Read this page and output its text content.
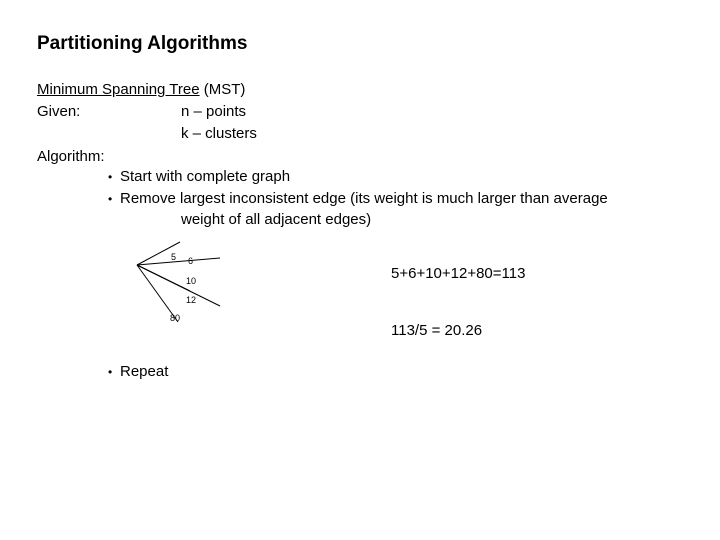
Partitioning Algorithms
Minimum Spanning Tree (MST)
Given:	n – points
k – clusters
Algorithm:
• Start with complete graph
• Remove largest inconsistent edge (its weight is much larger than average
weight of all adjacent edges)
5 6
10
12
80
5+6+10+12+80=113
113/5 = 20.26
• Repeat
